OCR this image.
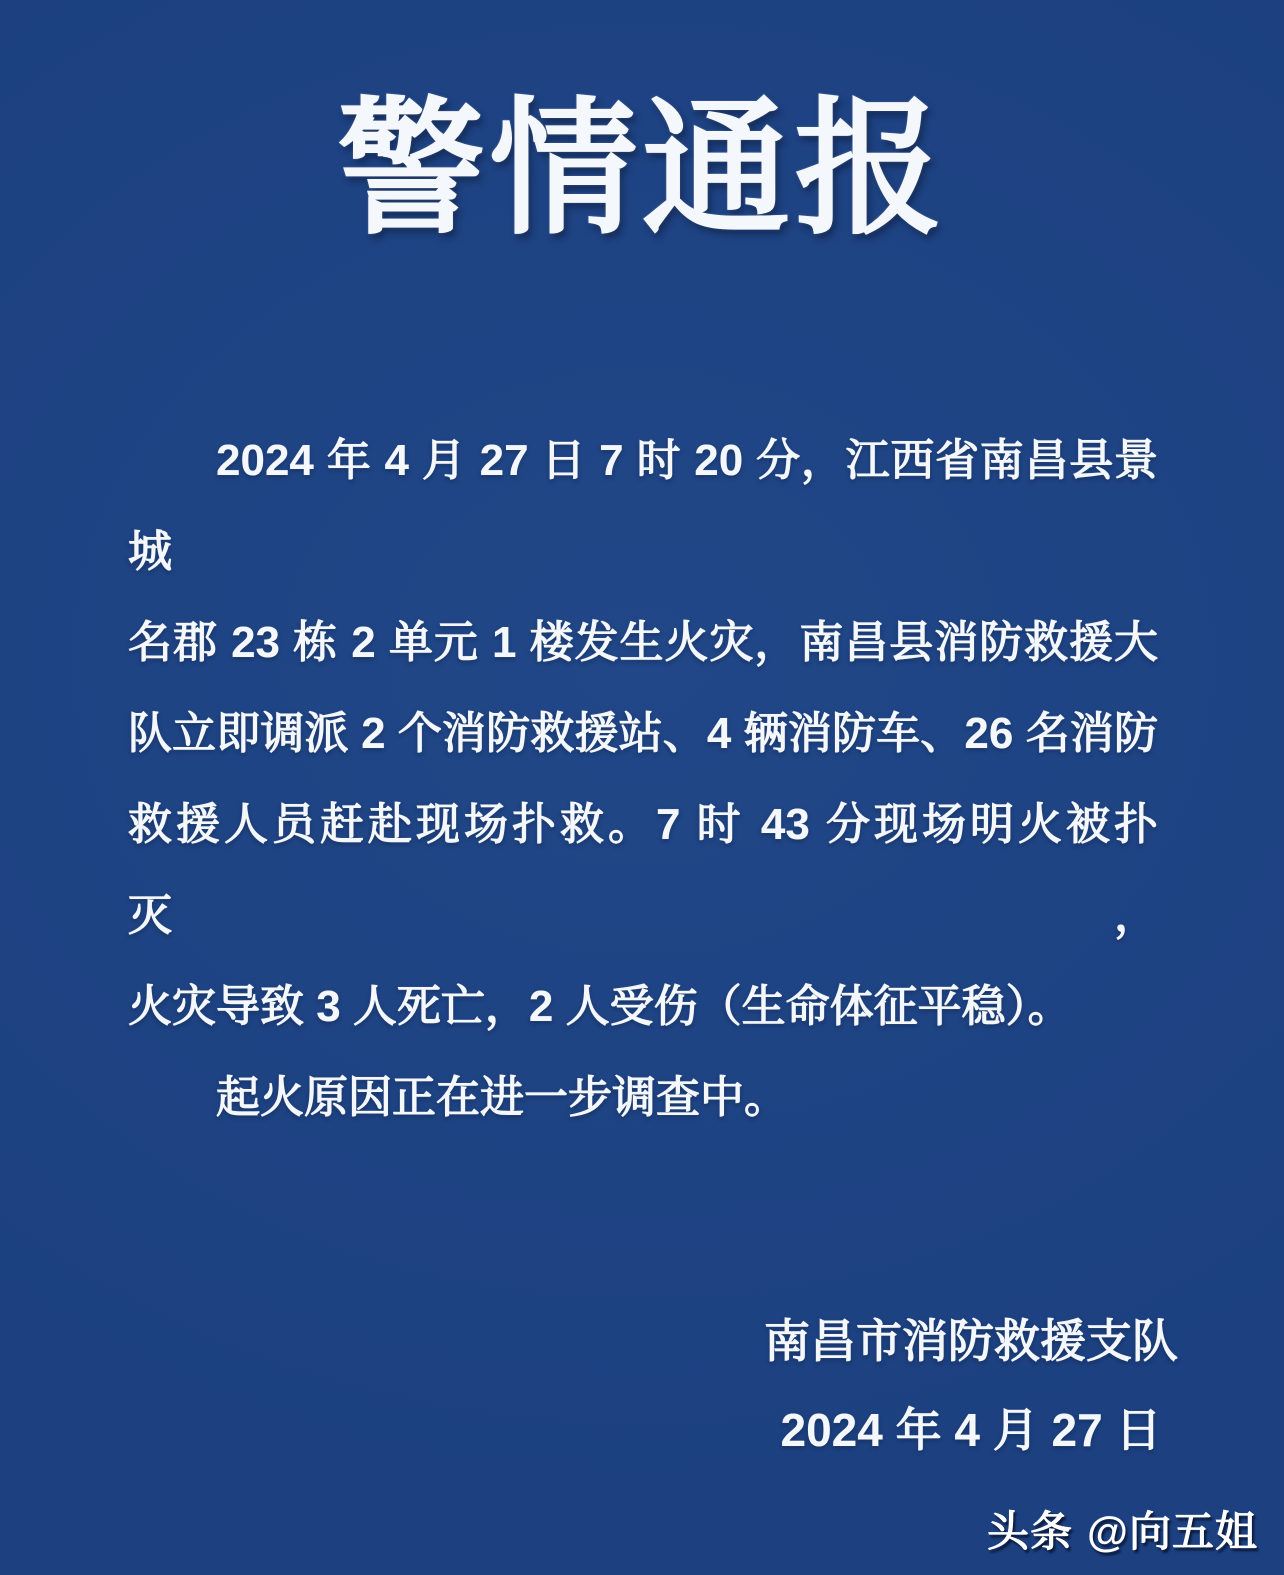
警情通报
2024 年 4 月 27 日 7 时 20 分，江西省南昌县景城
名郡 23 栋 2 单元 1 楼发生火灾，南昌县消防救援大
队立即调派 2 个消防救援站、4 辆消防车、26 名消防
救援人员赶赴现场扑救。7 时 43 分现场明火被扑灭，
火灾导致 3 人死亡，2 人受伤（生命体征平稳）。
起火原因正在进一步调查中。
南昌市消防救援支队
2024 年 4 月 27 日
头条 @向五姐
